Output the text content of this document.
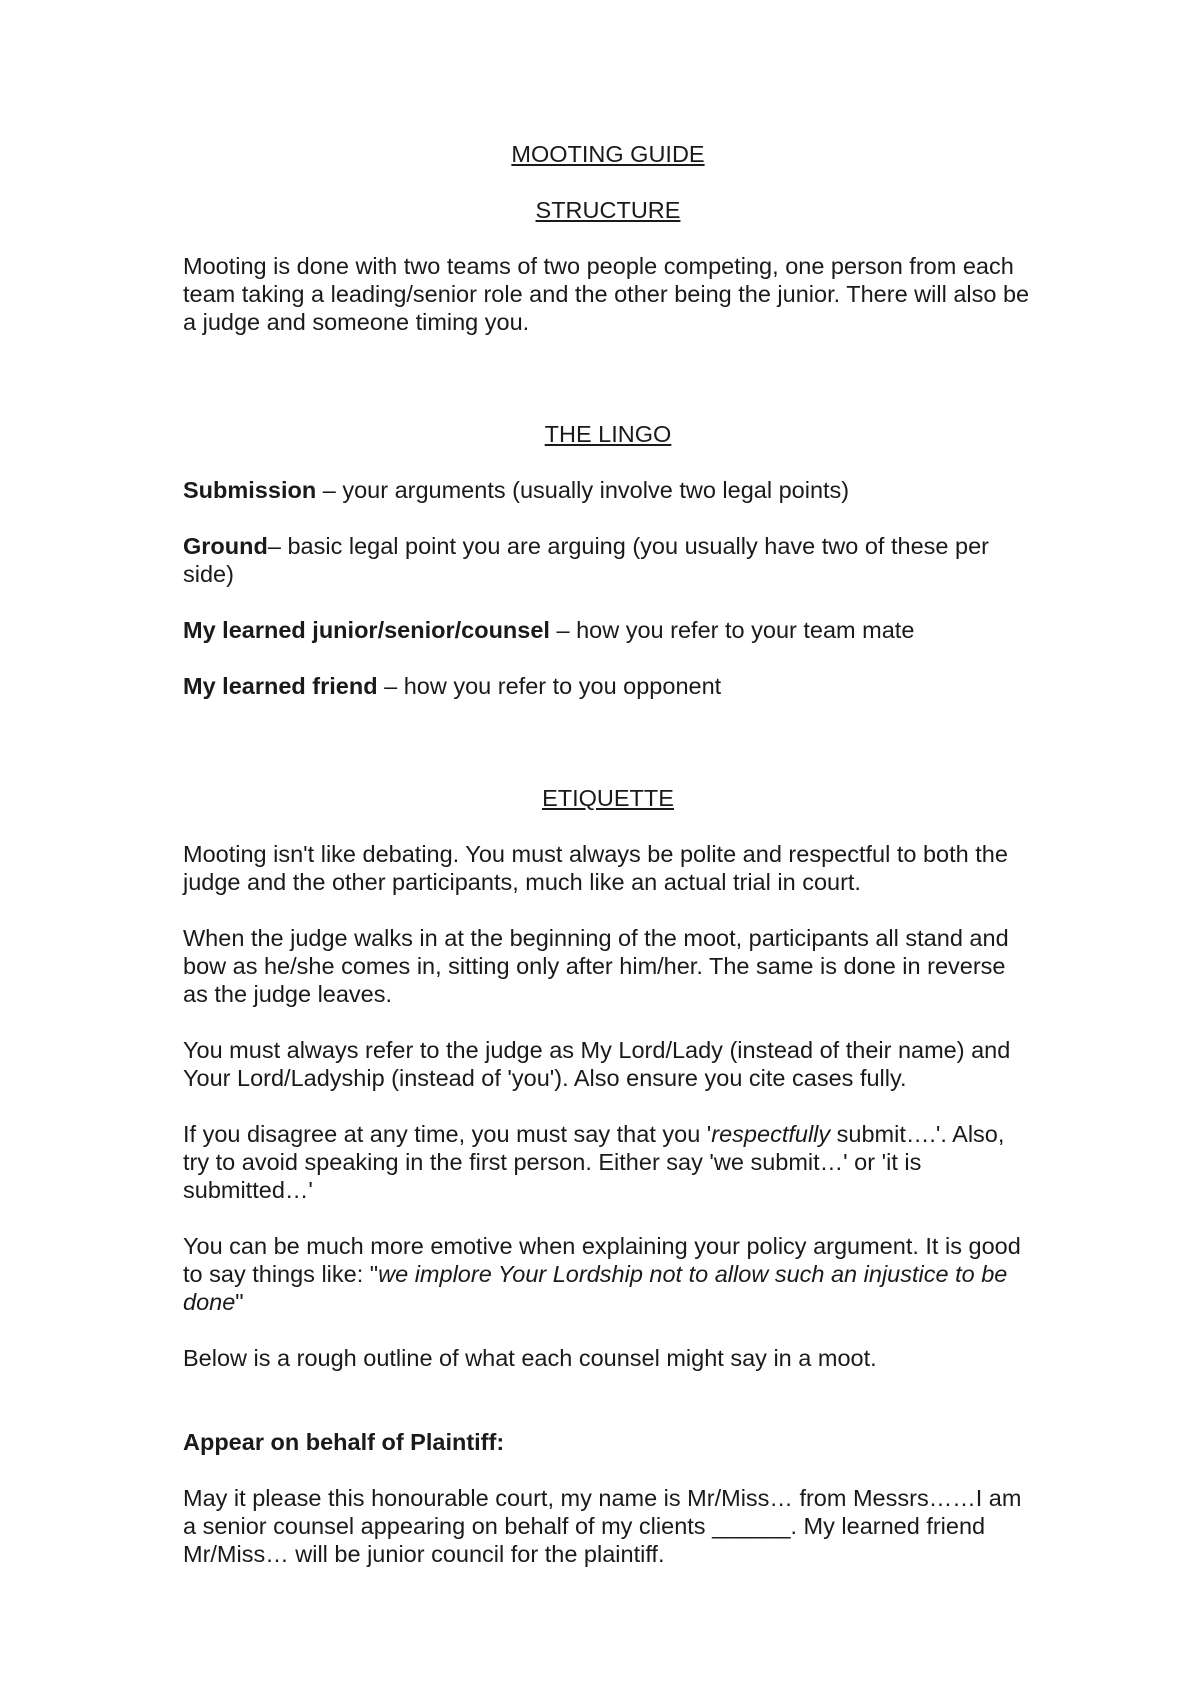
MOOTING GUIDE
STRUCTURE

Mooting is done with two teams of two people competing, one person from each team taking a leading/senior role and the other being the junior. There will also be a judge and someone timing you.

THE LINGO

Submission – your arguments (usually involve two legal points)

Ground– basic legal point you are arguing (you usually have two of these per side)

My learned junior/senior/counsel – how you refer to your team mate

My learned friend – how you refer to you opponent

ETIQUETTE

Mooting isn't like debating. You must always be polite and respectful to both the judge and the other participants, much like an actual trial in court.

When the judge walks in at the beginning of the moot, participants all stand and bow as he/she comes in, sitting only after him/her. The same is done in reverse as the judge leaves.

You must always refer to the judge as My Lord/Lady (instead of their name) and Your Lord/Ladyship (instead of 'you'). Also ensure you cite cases fully.

If you disagree at any time, you must say that you 'respectfully submit….'. Also, try to avoid speaking in the first person. Either say 'we submit…' or 'it is submitted…'

You can be much more emotive when explaining your policy argument. It is good to say things like: "we implore Your Lordship not to allow such an injustice to be done"

Below is a rough outline of what each counsel might say in a moot.

Appear on behalf of Plaintiff:

May it please this honourable court, my name is Mr/Miss… from Messrs……I am a senior counsel appearing on behalf of my clients ______. My learned friend Mr/Miss… will be junior council for the plaintiff.
